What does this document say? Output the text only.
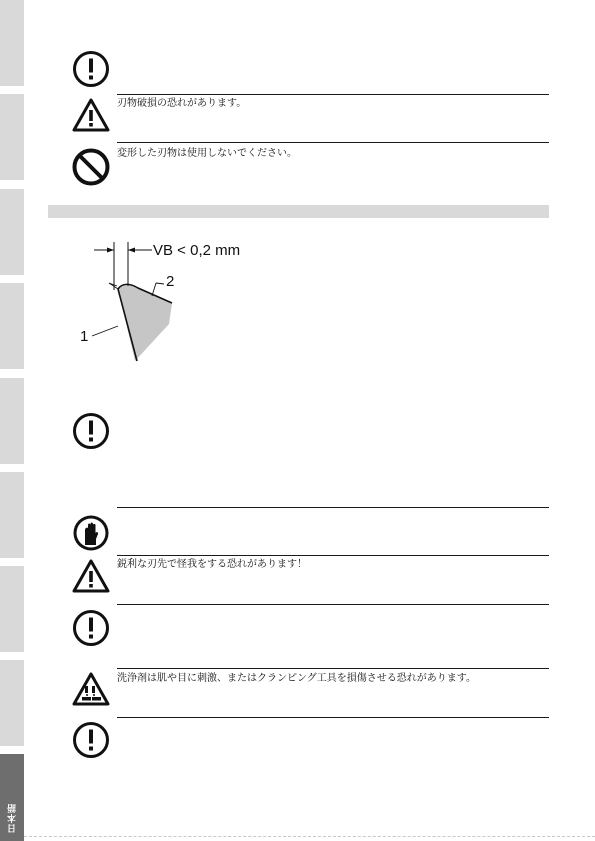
日本語
刃物破損の恐れがあります。
変形した刃物は使用しないでください。
VB < 0,2 mm
1
2
鋭利な刃先で怪我をする恐れがあります！
洗浄剤は肌や目に刺激、またはクランピング工具を損傷させる恐れがあります。
